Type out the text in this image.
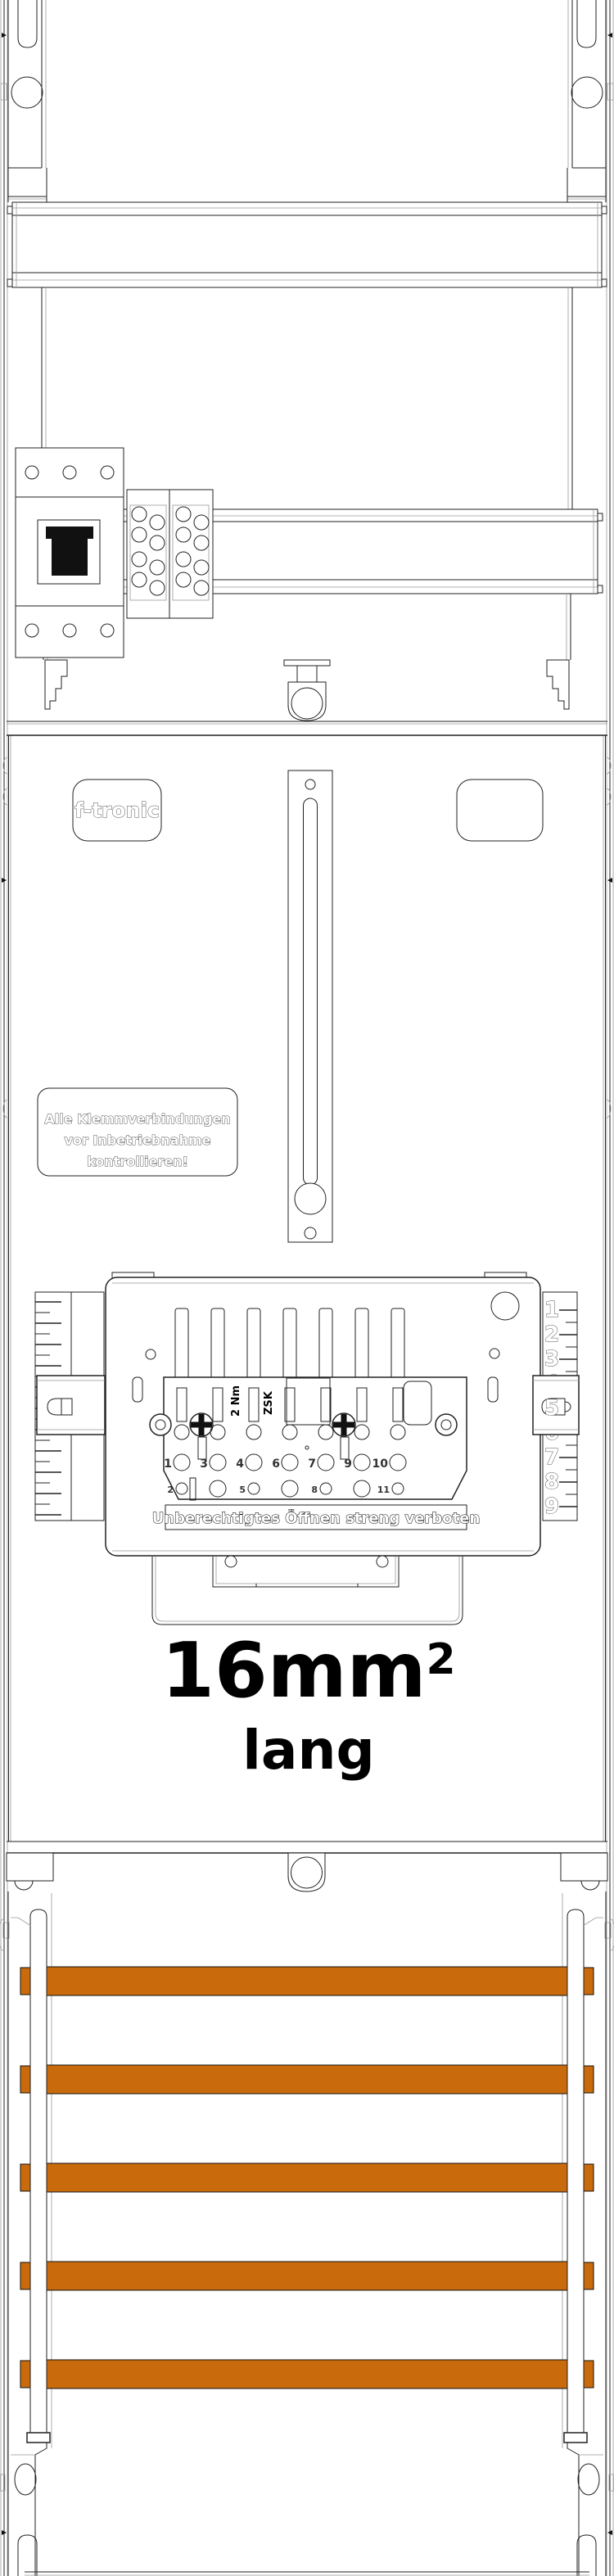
f-tronic
Alle Klemmverbindungen
vor Inbetriebnahme
kontrollieren!
1
2
3
7
8
9
5
2 Nm ZSK
1 3 4 6 7 9 10
2	5	8	11
Unberechtigtes Öffnen streng verboten
$16mm^2$
lang
